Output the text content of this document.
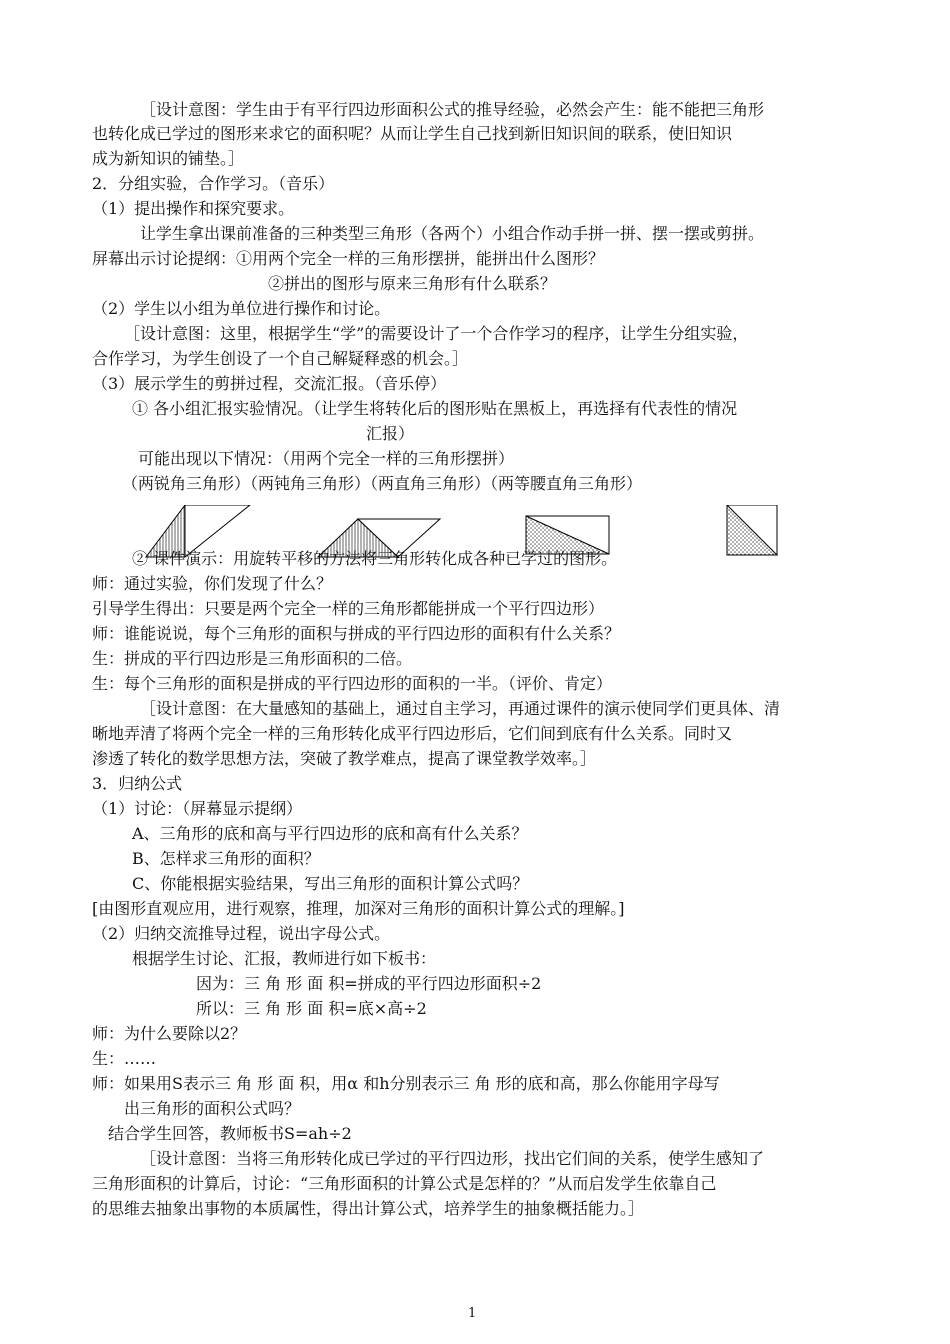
［设计意图：学生由于有平行四边形面积公式的推导经验，必然会产生：能不能把三角形
也转化成已学过的图形来求它的面积呢？从而让学生自己找到新旧知识间的联系，使旧知识
成为新知识的铺垫。］
2．分组实验，合作学习。（音乐）
（1）提出操作和探究要求。
让学生拿出课前准备的三种类型三角形（各两个）小组合作动手拼一拼、摆一摆或剪拼。
屏幕出示讨论提纲：①用两个完全一样的三角形摆拼，能拼出什么图形？
②拼出的图形与原来三角形有什么联系？
（2）学生以小组为单位进行操作和讨论。
［设计意图：这里，根据学生“学”的需要设计了一个合作学习的程序，让学生分组实验，
合作学习，为学生创设了一个自己解疑释惑的机会。］
（3）展示学生的剪拼过程，交流汇报。（音乐停）
① 各小组汇报实验情况。（让学生将转化后的图形贴在黑板上，再选择有代表性的情况
汇报）
可能出现以下情况：（用两个完全一样的三角形摆拼）
（两锐角三角形）（两钝角三角形）（两直角三角形）（两等腰直角三角形）
② 课件演示：用旋转平移的方法将三角形转化成各种已学过的图形。
师：通过实验，你们发现了什么？
引导学生得出：只要是两个完全一样的三角形都能拼成一个平行四边形）
师：谁能说说，每个三角形的面积与拼成的平行四边形的面积有什么关系？
生：拼成的平行四边形是三角形面积的二倍。
生：每个三角形的面积是拼成的平行四边形的面积的一半。（评价、肯定）
［设计意图：在大量感知的基础上，通过自主学习，再通过课件的演示使同学们更具体、清
晰地弄清了将两个完全一样的三角形转化成平行四边形后，它们间到底有什么关系。同时又
渗透了转化的数学思想方法，突破了教学难点，提高了课堂教学效率。］
3．归纳公式
（1）讨论：（屏幕显示提纲）
A、三角形的底和高与平行四边形的底和高有什么关系？
B、怎样求三角形的面积？
C、你能根据实验结果，写出三角形的面积计算公式吗？
[由图形直观应用，进行观察，推理，加深对三角形的面积计算公式的理解。]
（2）归纳交流推导过程，说出字母公式。
根据学生讨论、汇报，教师进行如下板书：
因为：三 角 形 面 积=拼成的平行四边形面积÷2
所以：三 角 形 面 积=底×高÷2
师：为什么要除以2？
生：……
师：如果用S表示三 角 形 面 积，用α 和h分别表示三 角 形的底和高，那么你能用字母写
出三角形的面积公式吗？
结合学生回答，教师板书S=ah÷2
［设计意图：当将三角形转化成已学过的平行四边形，找出它们间的关系，使学生感知了
三角形面积的计算后，讨论：“三角形面积的计算公式是怎样的？”从而启发学生依靠自己
的思维去抽象出事物的本质属性，得出计算公式，培养学生的抽象概括能力。］
1
